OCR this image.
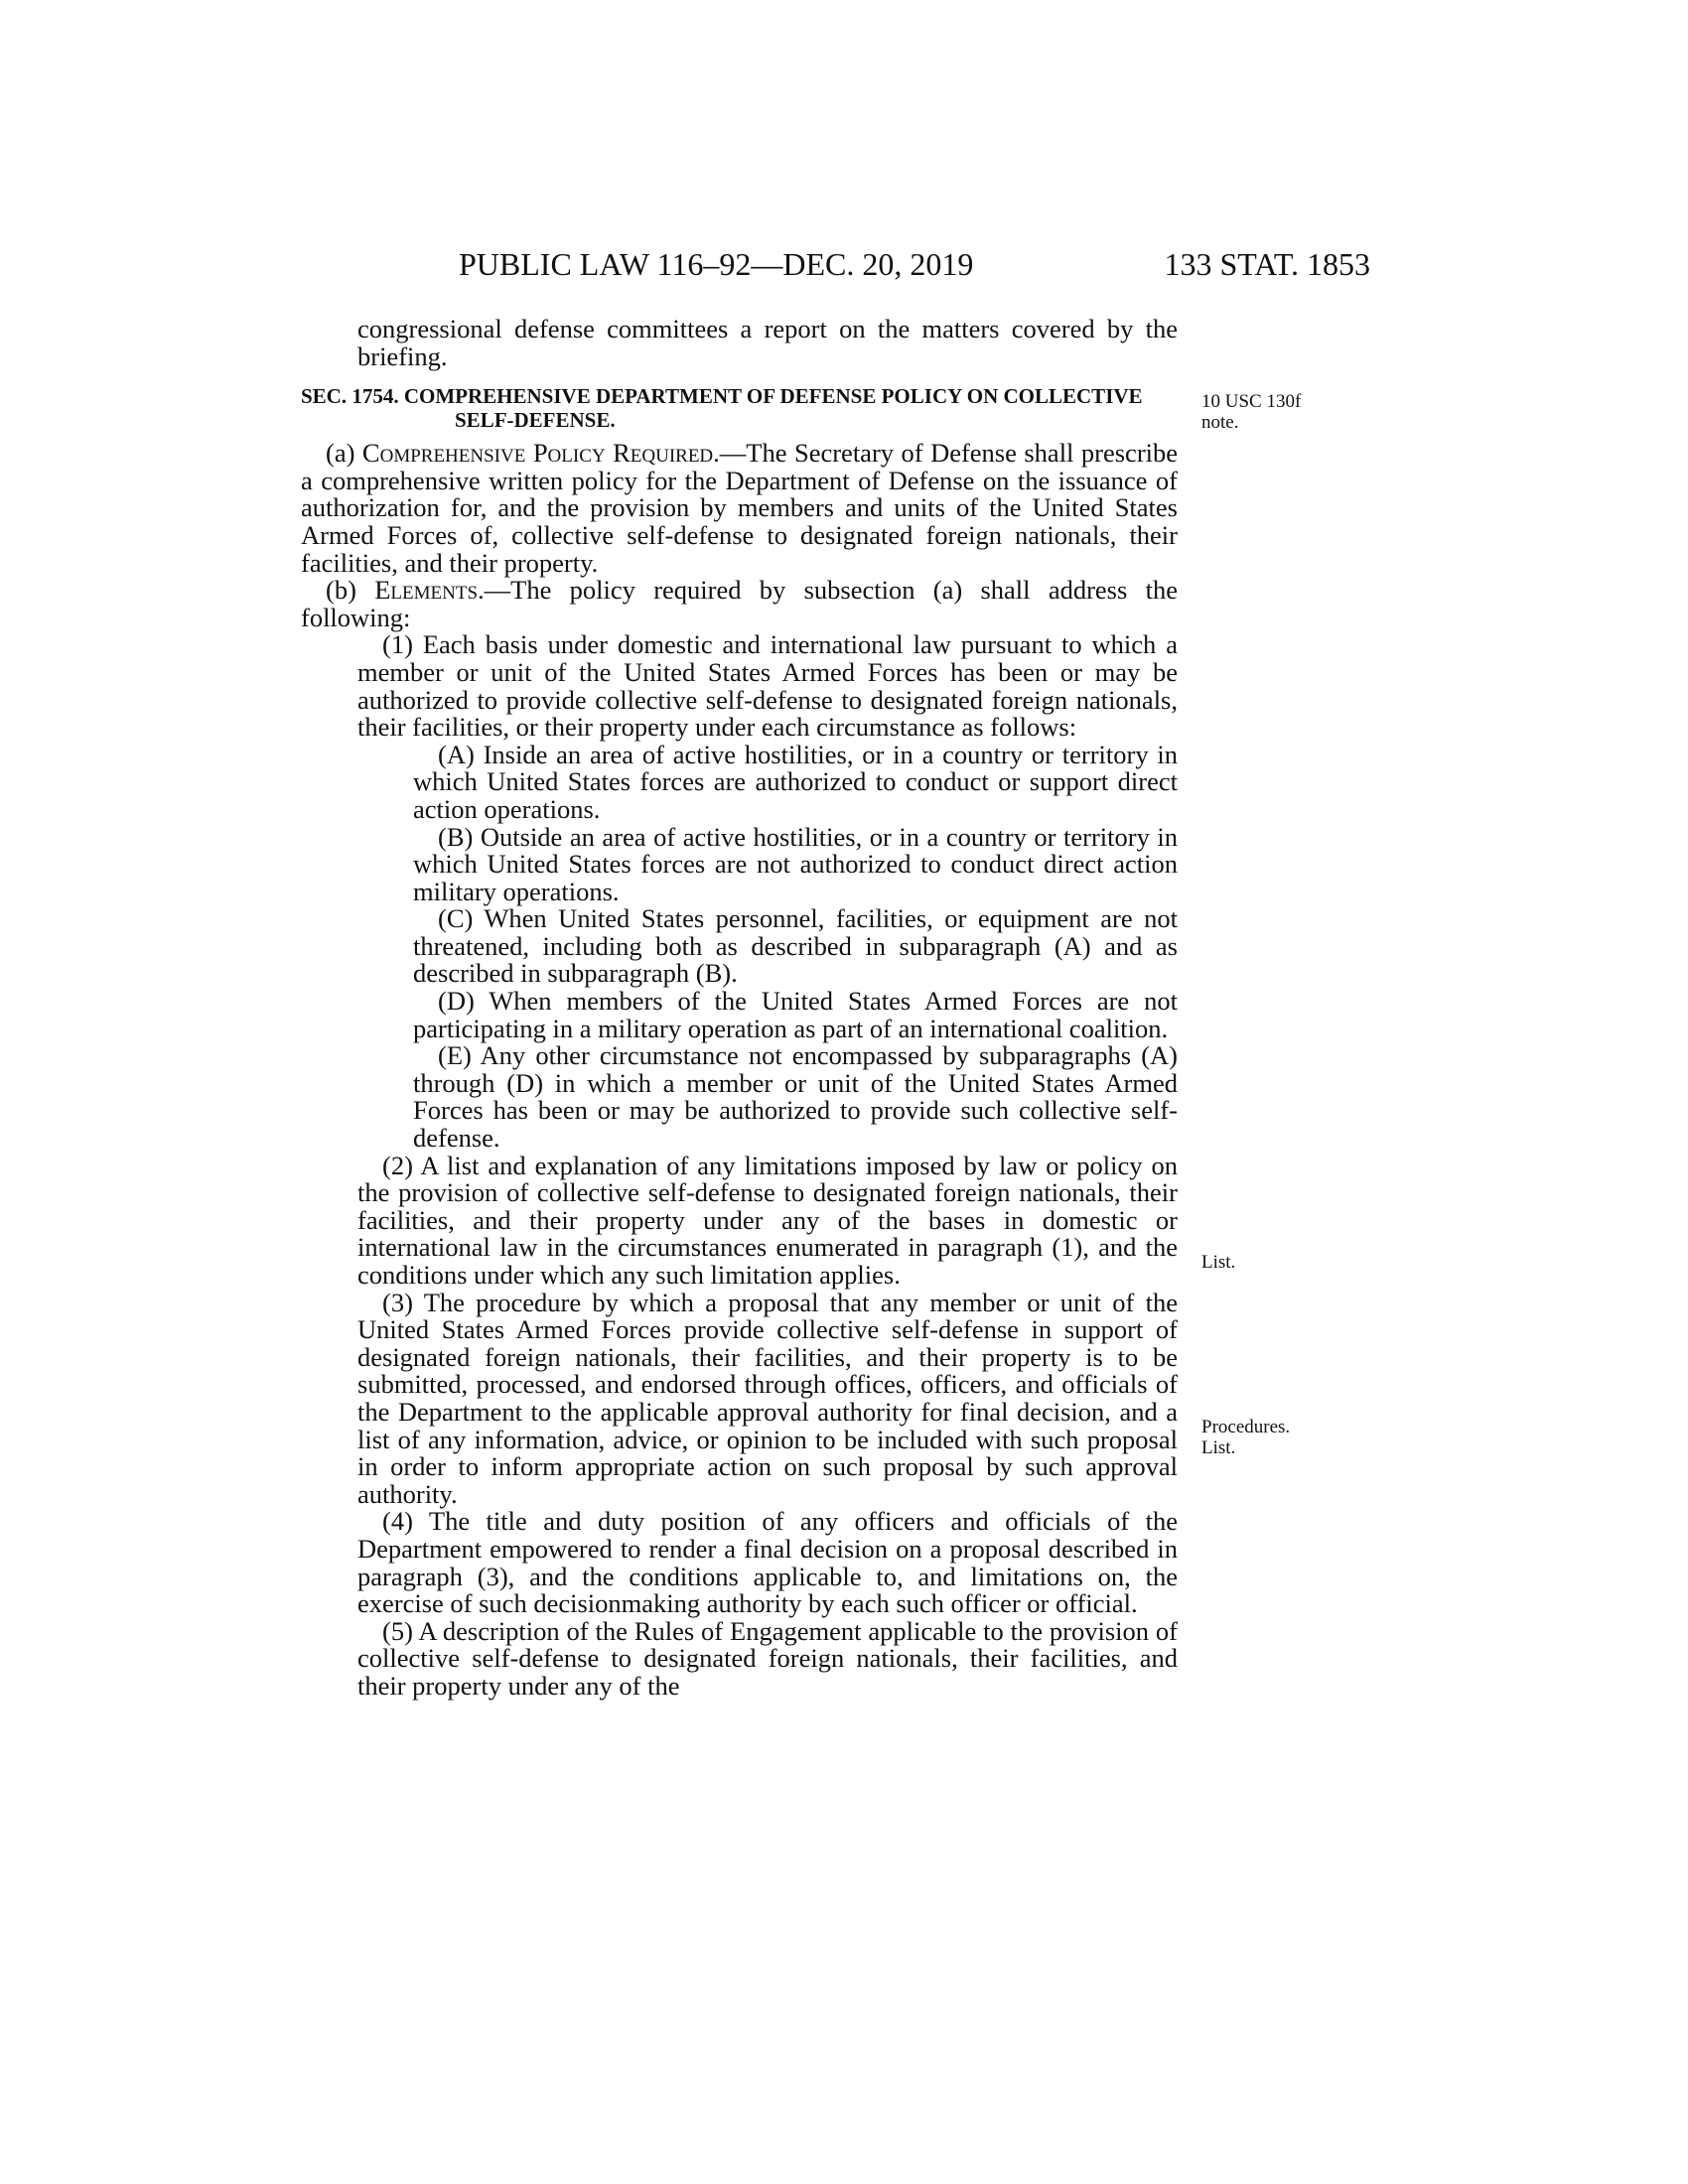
PUBLIC LAW 116–92—DEC. 20, 2019	133 STAT. 1853

congressional defense committees a report on the matters covered by the briefing.

SEC. 1754. COMPREHENSIVE DEPARTMENT OF DEFENSE POLICY ON COLLECTIVE SELF-DEFENSE.

(a) Comprehensive Policy Required.—The Secretary of Defense shall prescribe a comprehensive written policy for the Department of Defense on the issuance of authorization for, and the provision by members and units of the United States Armed Forces of, collective self-defense to designated foreign nationals, their facilities, and their property.

(b) Elements.—The policy required by subsection (a) shall address the following:

(1) Each basis under domestic and international law pursuant to which a member or unit of the United States Armed Forces has been or may be authorized to provide collective self-defense to designated foreign nationals, their facilities, or their property under each circumstance as follows:

(A) Inside an area of active hostilities, or in a country or territory in which United States forces are authorized to conduct or support direct action operations.

(B) Outside an area of active hostilities, or in a country or territory in which United States forces are not authorized to conduct direct action military operations.

(C) When United States personnel, facilities, or equipment are not threatened, including both as described in subparagraph (A) and as described in subparagraph (B).

(D) When members of the United States Armed Forces are not participating in a military operation as part of an international coalition.

(E) Any other circumstance not encompassed by subparagraphs (A) through (D) in which a member or unit of the United States Armed Forces has been or may be authorized to provide such collective self-defense.

(2) A list and explanation of any limitations imposed by law or policy on the provision of collective self-defense to designated foreign nationals, their facilities, and their property under any of the bases in domestic or international law in the circumstances enumerated in paragraph (1), and the conditions under which any such limitation applies.

(3) The procedure by which a proposal that any member or unit of the United States Armed Forces provide collective self-defense in support of designated foreign nationals, their facilities, and their property is to be submitted, processed, and endorsed through offices, officers, and officials of the Department to the applicable approval authority for final decision, and a list of any information, advice, or opinion to be included with such proposal in order to inform appropriate action on such proposal by such approval authority.

(4) The title and duty position of any officers and officials of the Department empowered to render a final decision on a proposal described in paragraph (3), and the conditions applicable to, and limitations on, the exercise of such decisionmaking authority by each such officer or official.

(5) A description of the Rules of Engagement applicable to the provision of collective self-defense to designated foreign nationals, their facilities, and their property under any of the

10 USC 130f
note.
List.
Procedures.
List.
